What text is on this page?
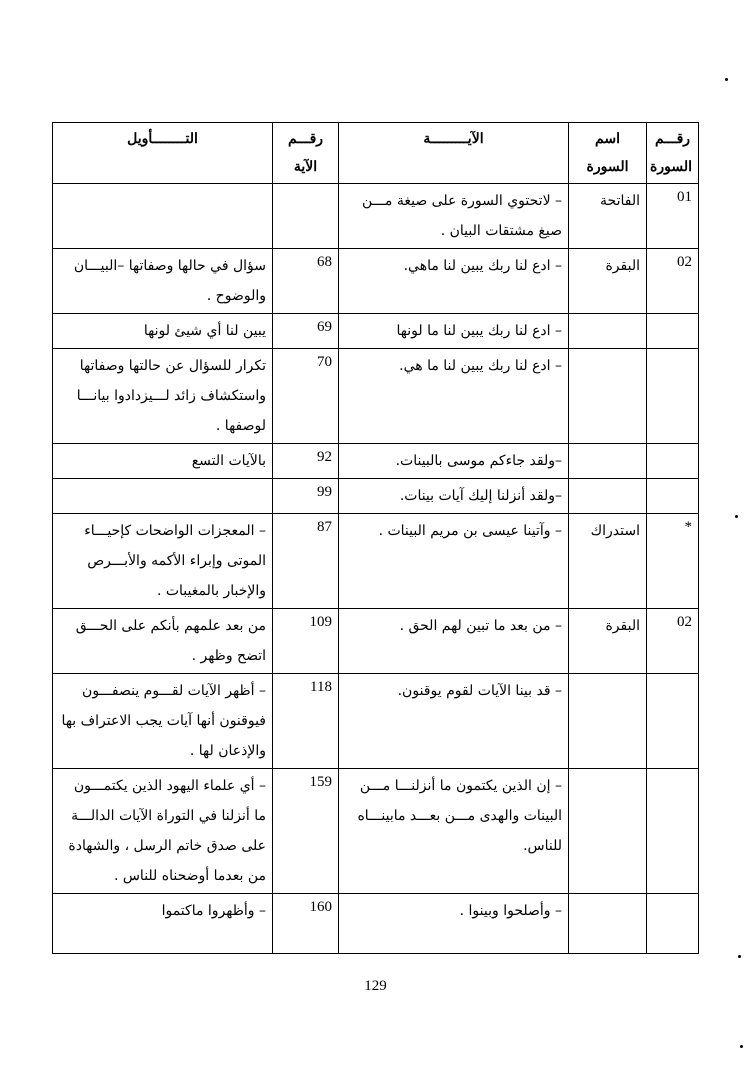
رقـــم السورة	اسم السورة	الآيـــــــــة	رقـــم الآية	التــــــــأويل
01	الفاتحة	– لاتحتوي السورة على صيغة مـــن صيغ مشتقات البيان .		
02	البقرة	– ادع لنا ربك يبين لنا ماهي.	68	سؤال في حالها وصفاتها –البيـــان والوضوح .
		– ادع لنا ربك يبين لنا ما لونها	69	يبين لنا أي شيئ لونها
		– ادع لنا ربك يبين لنا ما هي.	70	تكرار للسؤال عن حالتها وصفاتها واستكشاف زائد لـــيزدادوا بيانـــا لوصفها .
		–ولقد جاءكم موسى بالبينات.	92	بالآيات التسع
		–ولقد أنزلنا إليك آيات بينات.	99	
*	استدراك	– وآتينا عيسى بن مريم البينات .	87	– المعجزات الواضحات كإحيـــاء الموتى وإبراء الأكمه والأبـــرص والإخبار بالمغيبات .
02	البقرة	– من بعد ما تبين لهم الحق .	109	من بعد علمهم بأنكم على الحـــق اتضح وظهر .
		– قد بينا الآيات لقوم يوقنون.	118	– أظهر الآيات لقـــوم ينصفـــون فيوقنون أنها آيات يجب الاعتراف بها والإذعان لها .
		– إن الذين يكتمون ما أنزلنـــا مـــن البينات والهدى مـــن بعـــد مابينـــاه للناس.	159	– أي علماء اليهود الذين يكتمـــون ما أنزلنا في التوراة الآيات الدالـــة على صدق خاتم الرسل ، والشهادة من بعدما أوضحناه للناس .
		– وأصلحوا وبينوا .	160	– وأظهروا ماكتموا
129
